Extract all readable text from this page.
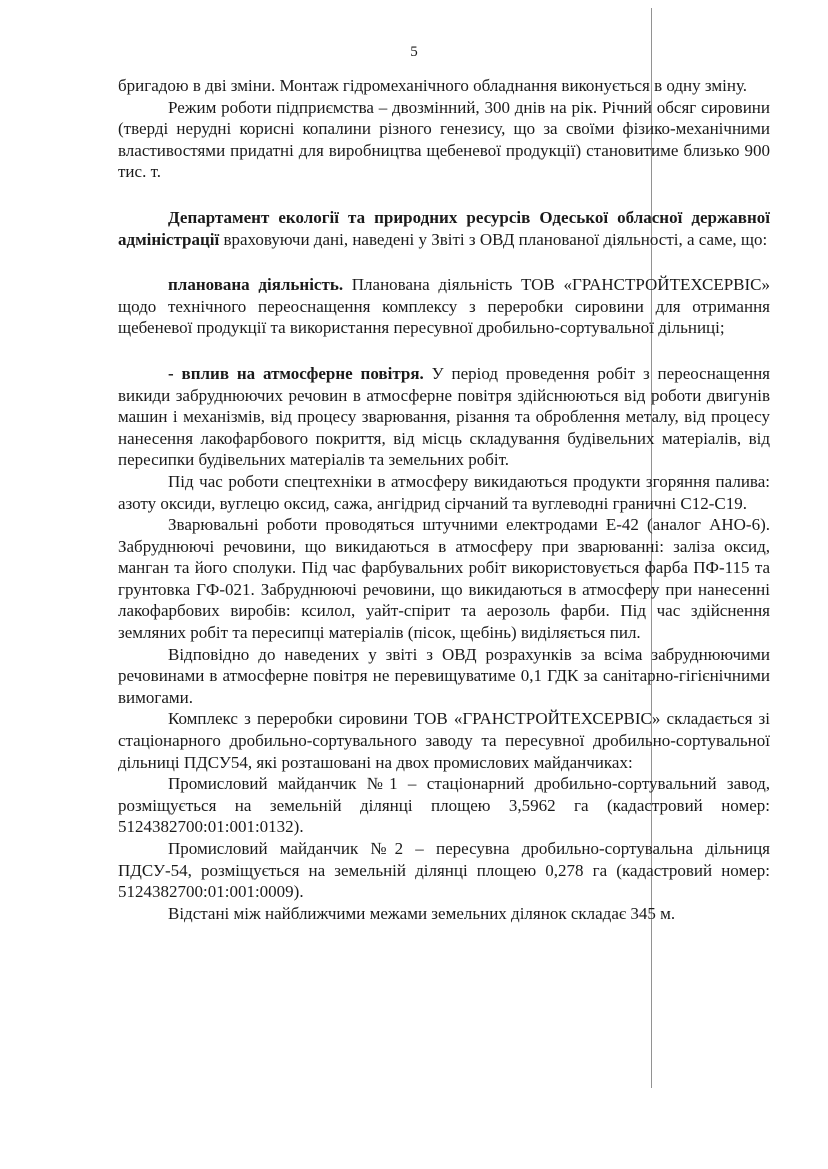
5

бригадою в дві зміни. Монтаж гідромеханічного обладнання виконується в одну зміну.

Режим роботи підприємства – двозмінний, 300 днів на рік. Річний обсяг сировини (тверді нерудні корисні копалини різного генезису, що за своїми фізико-механічними властивостями придатні для виробництва щебеневої продукції) становитиме близько 900 тис. т.

Департамент екології та природних ресурсів Одеської обласної державної адміністрації враховуючи дані, наведені у Звіті з ОВД планованої діяльності, а саме, що:

планована діяльність. Планована діяльність ТОВ «ГРАНСТРОЙТЕХСЕРВІС» щодо технічного переоснащення комплексу з переробки сировини для отримання щебеневої продукції та використання пересувної дробильно-сортувальної дільниці;

- вплив на атмосферне повітря. У період проведення робіт з переоснащення викиди забруднюючих речовин в атмосферне повітря здійснюються від роботи двигунів машин і механізмів, від процесу зварювання, різання та оброблення металу, від процесу нанесення лакофарбового покриття, від місць складування будівельних матеріалів, від пересипки будівельних матеріалів та земельних робіт.

Під час роботи спецтехніки в атмосферу викидаються продукти згоряння палива: азоту оксиди, вуглецю оксид, сажа, ангідрид сірчаний та вуглеводні граничні С12-С19.

Зварювальні роботи проводяться штучними електродами Е-42 (аналог АНО-6). Забруднюючі речовини, що викидаються в атмосферу при зварюванні: заліза оксид, манган та його сполуки. Під час фарбувальних робіт використовується фарба ПФ-115 та грунтовка ГФ-021. Забруднюючі речовини, що викидаються в атмосферу при нанесенні лакофарбових виробів: ксилол, уайт-спірит та аерозоль фарби. Під час здійснення земляних робіт та пересипці матеріалів (пісок, щебінь) виділяється пил.

Відповідно до наведених у звіті з ОВД розрахунків за всіма забруднюючими речовинами в атмосферне повітря не перевищуватиме 0,1 ГДК за санітарно-гігієнічними вимогами.

Комплекс з переробки сировини ТОВ «ГРАНСТРОЙТЕХСЕРВІС» складається зі стаціонарного дробильно-сортувального заводу та пересувної дробильно-сортувальної дільниці ПДСУ54, які розташовані на двох промислових майданчиках:

Промисловий майданчик №1 – стаціонарний дробильно-сортувальний завод, розміщується на земельній ділянці площею 3,5962 га (кадастровий номер: 5124382700:01:001:0132).

Промисловий майданчик №2 – пересувна дробильно-сортувальна дільниця ПДСУ-54, розміщується на земельній ділянці площею 0,278 га (кадастровий номер: 5124382700:01:001:0009).

Відстані між найближчими межами земельних ділянок складає 345 м.
